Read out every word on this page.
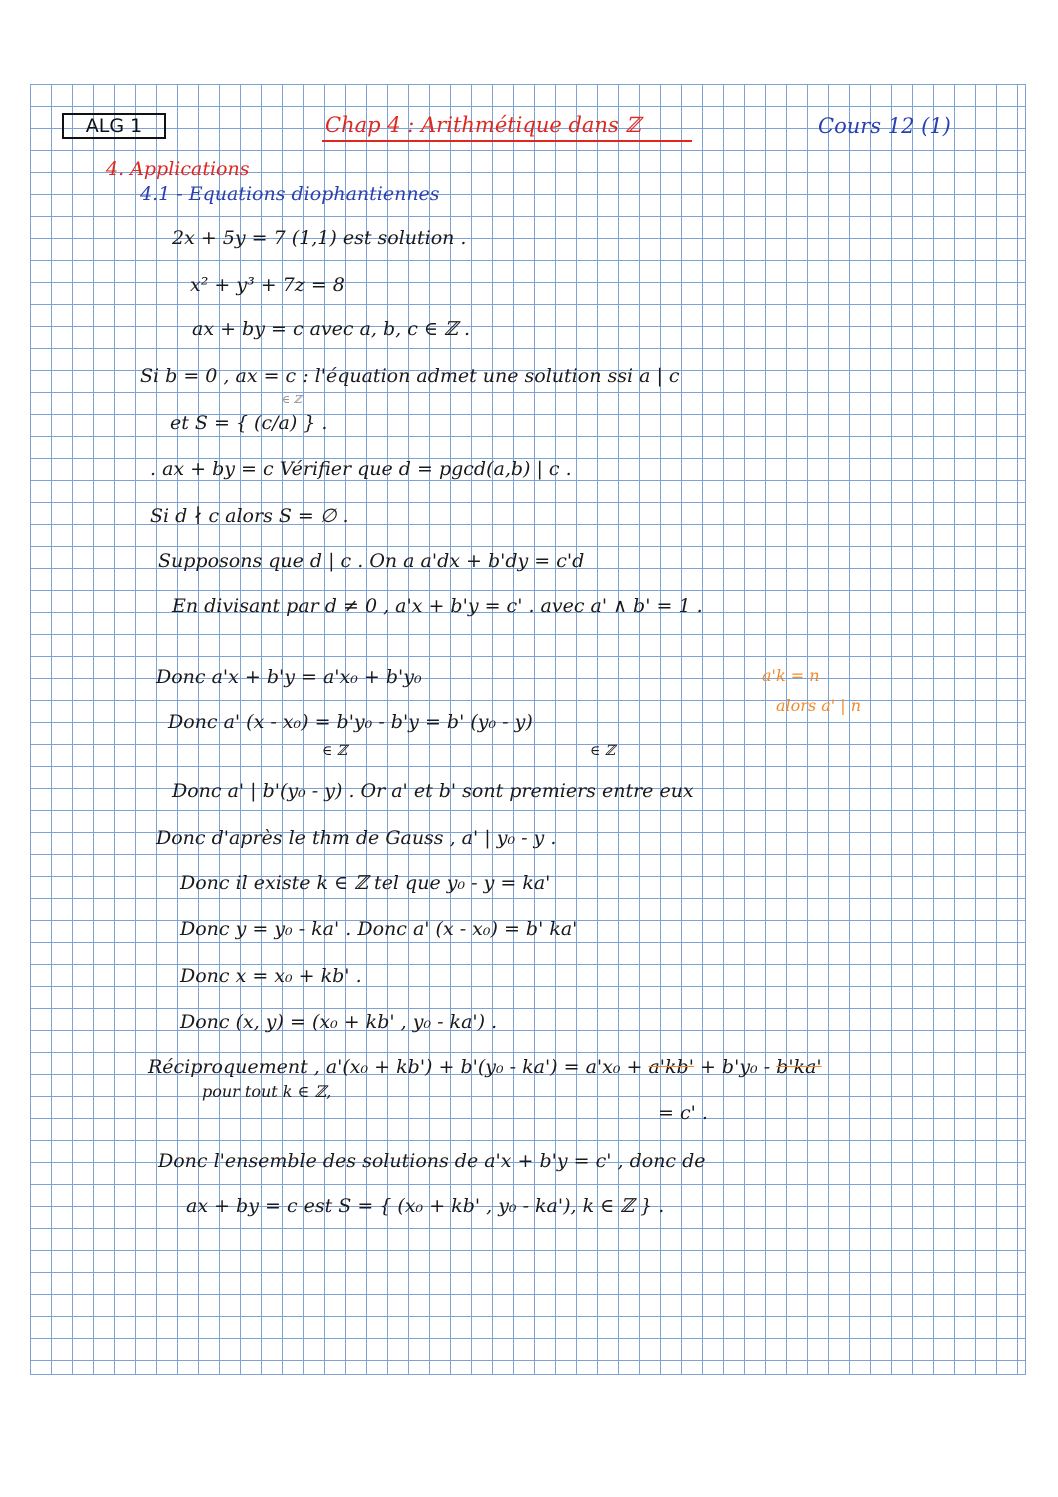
ALG 1	Chap 4 : Arithmétique dans ℤ	Cours 12 (1)
4. Applications
4.1 - Equations diophantiennes
2x + 5y = 7 (1,1) est solution .
x² + y³ + 7z = 8
ax + by = c avec a, b, c ∈ ℤ .
Si b = 0 , ax = c : l'équation admet une solution ssi a | c
∈ ℤ
et S = { (c/a) } .
. ax + by = c Vérifier que d = pgcd(a,b) | c .
Si d ∤ c alors S = ∅ .
Supposons que d | c . On a a'dx + b'dy = c'd
En divisant par d ≠ 0 , a'x + b'y = c' . avec a' ∧ b' = 1 .
Donc a'x + b'y = a'x₀ + b'y₀	a'k = n
alors a' | n
Donc a' (x - x₀) = b'y₀ - b'y = b' (y₀ - y)
∈ ℤ	∈ ℤ
Donc a' | b'(y₀ - y) . Or a' et b' sont premiers entre eux
Donc d'après le thm de Gauss , a' | y₀ - y .
Donc il existe k ∈ ℤ tel que y₀ - y = ka'
Donc y = y₀ - ka' . Donc a' (x - x₀) = b' ka'
Donc x = x₀ + kb' .
Donc (x, y) = (x₀ + kb' , y₀ - ka') .
Réciproquement , a'(x₀ + kb') + b'(y₀ - ka') = a'x₀ + a'kb' + b'y₀ - b'ka'
pour tout k ∈ ℤ,
= c' .
Donc l'ensemble des solutions de a'x + b'y = c' , donc de
ax + by = c est S = { (x₀ + kb' , y₀ - ka'), k ∈ ℤ } .
